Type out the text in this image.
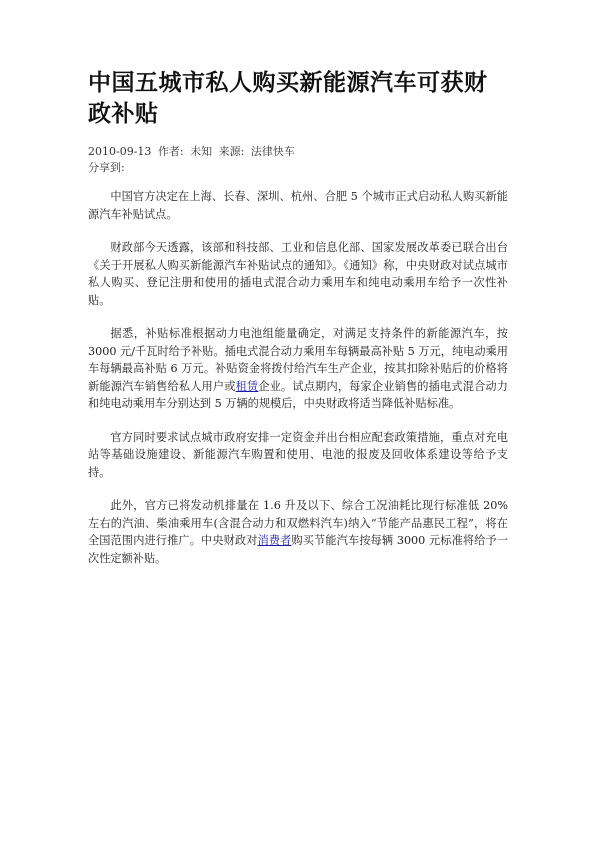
中国五城市私人购买新能源汽车可获财政补贴
2010-09-13 作者: 未知 来源: 法律快车
分享到:

中国官方决定在上海、长春、深圳、杭州、合肥 5 个城市正式启动私人购买新能源汽车补贴试点。

财政部今天透露，该部和科技部、工业和信息化部、国家发展改革委已联合出台《关于开展私人购买新能源汽车补贴试点的通知》。《通知》称，中央财政对试点城市私人购买、登记注册和使用的插电式混合动力乘用车和纯电动乘用车给予一次性补贴。

据悉，补贴标准根据动力电池组能量确定，对满足支持条件的新能源汽车，按 3000 元/千瓦时给予补贴。插电式混合动力乘用车每辆最高补贴 5 万元，纯电动乘用车每辆最高补贴 6 万元。补贴资金将拨付给汽车生产企业，按其扣除补贴后的价格将新能源汽车销售给私人用户或租赁企业。试点期内，每家企业销售的插电式混合动力和纯电动乘用车分别达到 5 万辆的规模后，中央财政将适当降低补贴标准。

官方同时要求试点城市政府安排一定资金并出台相应配套政策措施，重点对充电站等基础设施建设、新能源汽车购置和使用、电池的报废及回收体系建设等给予支持。

此外，官方已将发动机排量在 1.6 升及以下、综合工况油耗比现行标准低 20%左右的汽油、柴油乘用车(含混合动力和双燃料汽车)纳入“节能产品惠民工程”，将在全国范围内进行推广。中央财政对消费者购买节能汽车按每辆 3000 元标准将给予一次性定额补贴。
